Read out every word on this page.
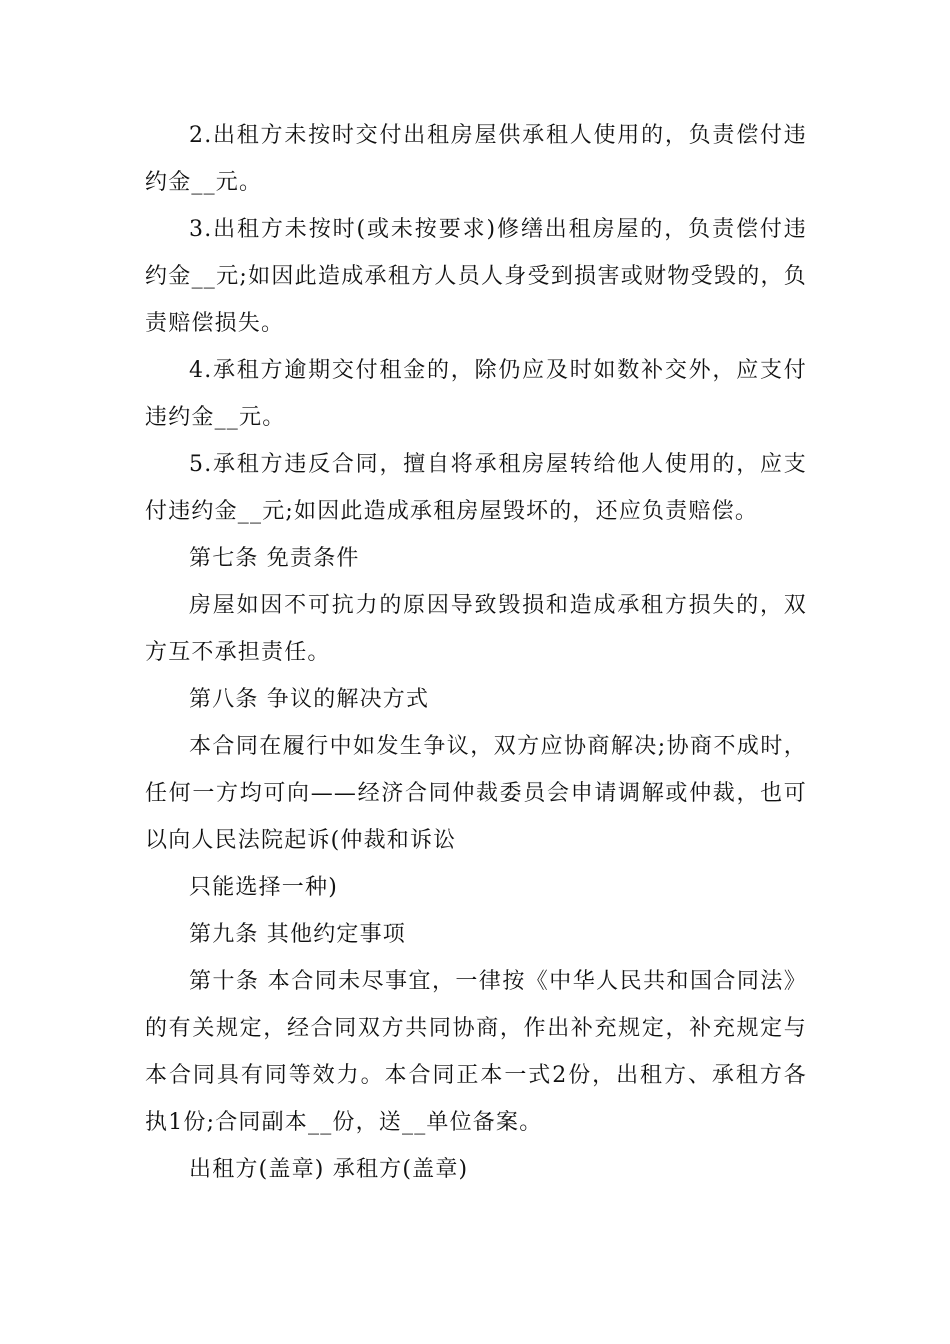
2.出租方未按时交付出租房屋供承租人使用的，负责偿付违约金__元。

3.出租方未按时(或未按要求)修缮出租房屋的，负责偿付违约金__元;如因此造成承租方人员人身受到损害或财物受毁的，负责赔偿损失。

4.承租方逾期交付租金的，除仍应及时如数补交外，应支付违约金__元。

5.承租方违反合同，擅自将承租房屋转给他人使用的，应支付违约金__元;如因此造成承租房屋毁坏的，还应负责赔偿。

第七条 免责条件

房屋如因不可抗力的原因导致毁损和造成承租方损失的，双方互不承担责任。

第八条 争议的解决方式

本合同在履行中如发生争议，双方应协商解决;协商不成时，任何一方均可向——经济合同仲裁委员会申请调解或仲裁，也可以向人民法院起诉(仲裁和诉讼

只能选择一种)

第九条 其他约定事项

第十条 本合同未尽事宜，一律按《中华人民共和国合同法》的有关规定，经合同双方共同协商，作出补充规定，补充规定与本合同具有同等效力。本合同正本一式2份，出租方、承租方各执1份;合同副本__份，送__单位备案。

出租方(盖章) 承租方(盖章)
